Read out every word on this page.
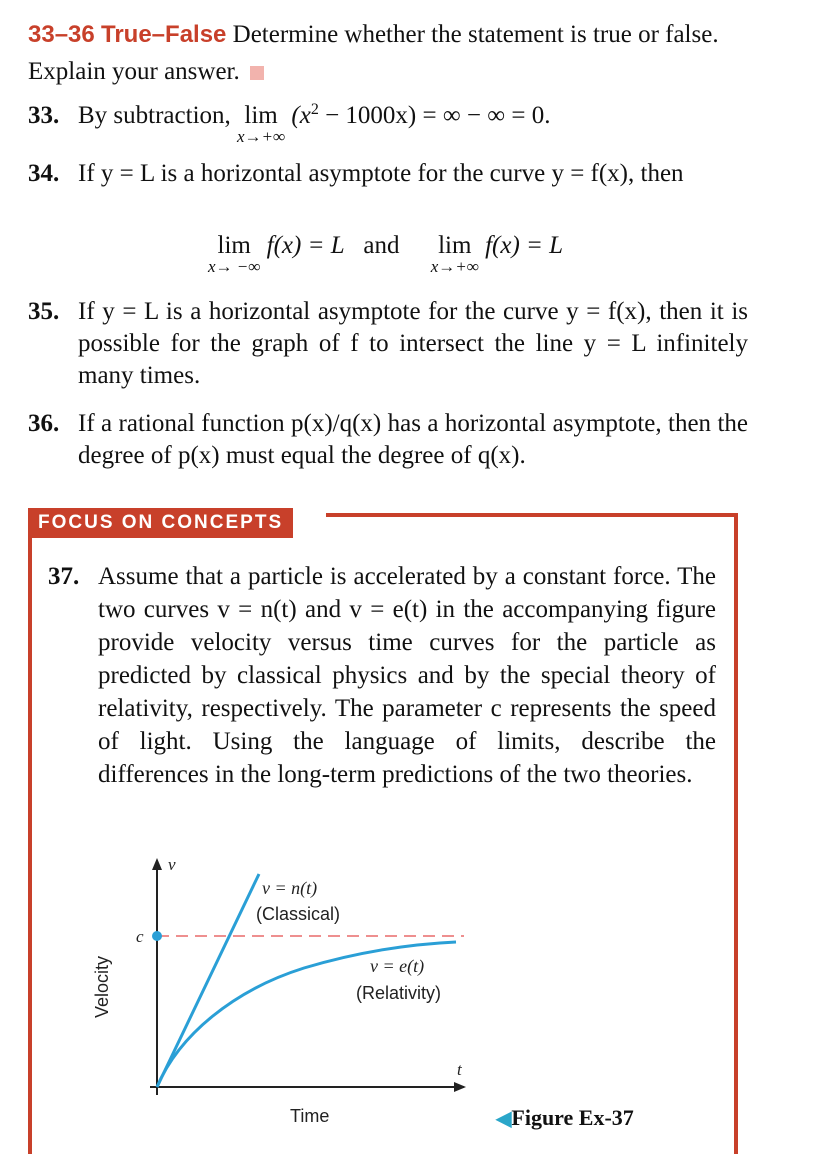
33–36 True–False Determine whether the statement is true or false. Explain your answer.
33. By subtraction, lim
x→+∞
$(x^2 - 1000x)$ = ∞ − ∞ = 0.
34. If y = L is a horizontal asymptote for the curve y = f(x), then
lim
x→ −∞
f(x) = L and lim
x→+∞
f(x) = L
35. If y = L is a horizontal asymptote for the curve y = f(x), then it is possible for the graph of f to intersect the line y = L infinitely many times.
36. If a rational function p(x)/q(x) has a horizontal asymptote, then the degree of p(x) must equal the degree of q(x).
FOCUS ON CONCEPTS
37. Assume that a particle is accelerated by a constant force. The two curves v = n(t) and v = e(t) in the accompanying figure provide velocity versus time curves for the particle as predicted by classical physics and by the special theory of relativity, respectively. The parameter c represents the speed of light. Using the language of limits, describe the differences in the long-term predictions of the two theories.
v
t
c
v = n(t)
(Classical)
v = e(t)
(Relativity)
Velocity
Time	◀Figure Ex-37
